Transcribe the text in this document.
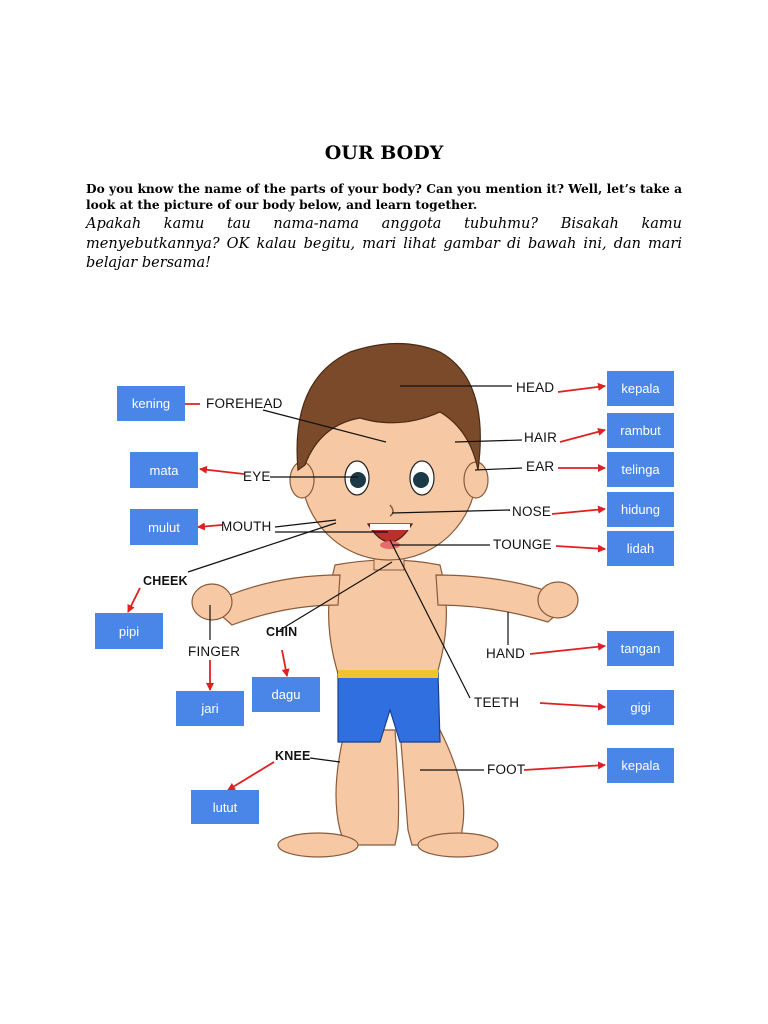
OUR BODY
Do you know the name of the parts of your body? Can you mention it? Well, let’s take a look at the picture of our body below, and learn together.
Apakah kamu tau nama-nama anggota tubuhmu? Bisakah kamu menyebutkannya? OK kalau begitu, mari lihat gambar di bawah ini, dan mari belajar bersama!
FOREHEAD
HEAD
HAIR
EYE
EAR
MOUTH
NOSE
TOUNGE
CHEEK
CHIN
FINGER	HAND
TEETH
KNEE
FOOT
kening
kepala
rambut
mata	telinga
mulut
hidung
lidah
pipi
tangan
dagu
jari	gigi
lutut
kepala
